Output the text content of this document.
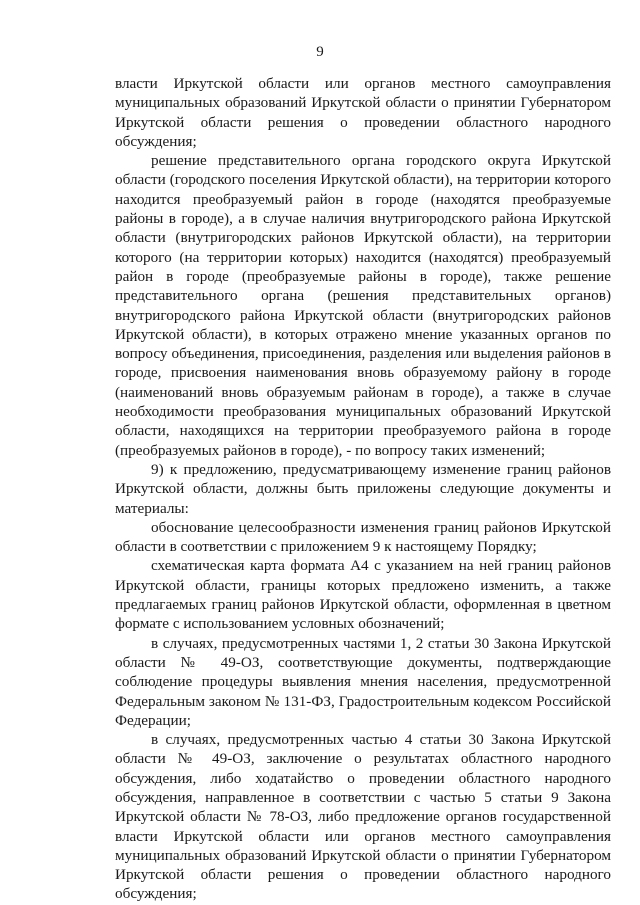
9

власти Иркутской области или органов местного самоуправления муниципальных образований Иркутской области о принятии Губернатором Иркутской области решения о проведении областного народного обсуждения;

решение представительного органа городского округа Иркутской области (городского поселения Иркутской области), на территории которого находится преобразуемый район в городе (находятся преобразуемые районы в городе), а в случае наличия внутригородского района Иркутской области (внутригородских районов Иркутской области), на территории которого (на территории которых) находится (находятся) преобразуемый район в городе (преобразуемые районы в городе), также решение представительного органа (решения представительных органов) внутригородского района Иркутской области (внутригородских районов Иркутской области), в которых отражено мнение указанных органов по вопросу объединения, присоединения, разделения или выделения районов в городе, присвоения наименования вновь образуемому району в городе (наименований вновь образуемым районам в городе), а также в случае необходимости преобразования муниципальных образований Иркутской области, находящихся на территории преобразуемого района в городе (преобразуемых районов в городе), - по вопросу таких изменений;

9) к предложению, предусматривающему изменение границ районов Иркутской области, должны быть приложены следующие документы и материалы:

обоснование целесообразности изменения границ районов Иркутской области в соответствии с приложением 9 к настоящему Порядку;

схематическая карта формата А4 с указанием на ней границ районов Иркутской области, границы которых предложено изменить, а также предлагаемых границ районов Иркутской области, оформленная в цветном формате с использованием условных обозначений;

в случаях, предусмотренных частями 1, 2 статьи 30 Закона Иркутской области № 49-ОЗ, соответствующие документы, подтверждающие соблюдение процедуры выявления мнения населения, предусмотренной Федеральным законом № 131-ФЗ, Градостроительным кодексом Российской Федерации;

в случаях, предусмотренных частью 4 статьи 30 Закона Иркутской области № 49-ОЗ, заключение о результатах областного народного обсуждения, либо ходатайство о проведении областного народного обсуждения, направленное в соответствии с частью 5 статьи 9 Закона Иркутской области № 78-ОЗ, либо предложение органов государственной власти Иркутской области или органов местного самоуправления муниципальных образований Иркутской области о принятии Губернатором Иркутской области решения о проведении областного народного обсуждения;
